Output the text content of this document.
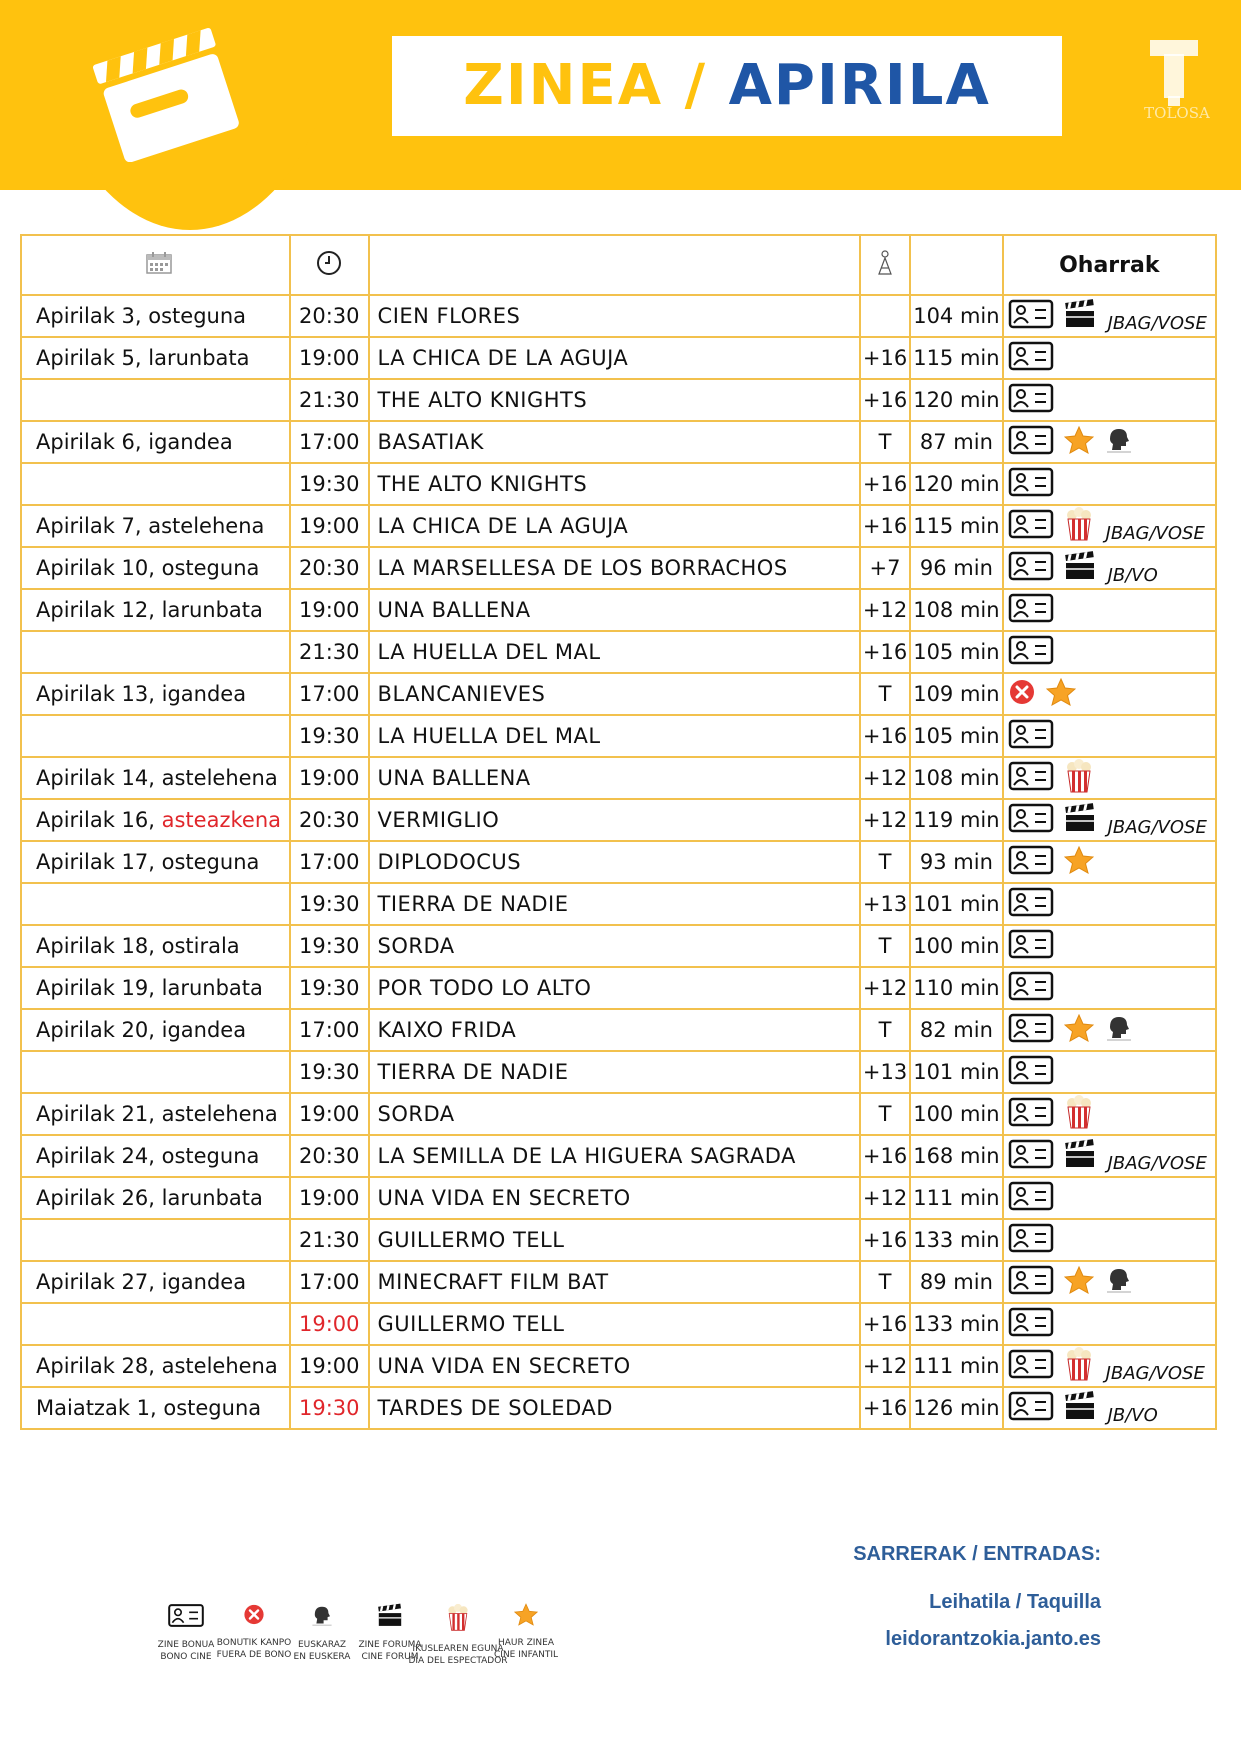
ZINEA / APIRILA	TOLOSA

Oharrak

Apirilak 3, osteguna	20:30	CIEN FLORES		104 min	JBAG/VOSE

Apirilak 5, larunbata	19:00	LA CHICA DE LA AGUJA	+16	115 min	

	21:30	THE ALTO KNIGHTS	+16	120 min	

Apirilak 6, igandea	17:00	BASATIAK	T	87 min	

	19:30	THE ALTO KNIGHTS	+16	120 min	

Apirilak 7, astelehena	19:00	LA CHICA DE LA AGUJA	+16	115 min	JBAG/VOSE

Apirilak 10, osteguna	20:30	LA MARSELLESA DE LOS BORRACHOS	+7	96 min	JB/VO

Apirilak 12, larunbata	19:00	UNA BALLENA	+12	108 min	

	21:30	LA HUELLA DEL MAL	+16	105 min	

Apirilak 13, igandea	17:00	BLANCANIEVES	T	109 min	

	19:30	LA HUELLA DEL MAL	+16	105 min	

Apirilak 14, astelehena	19:00	UNA BALLENA	+12	108 min	

Apirilak 16, asteazkena	20:30	VERMIGLIO	+12	119 min	JBAG/VOSE

Apirilak 17, osteguna	17:00	DIPLODOCUS	T	93 min	

	19:30	TIERRA DE NADIE	+13	101 min	

Apirilak 18, ostirala	19:30	SORDA	T	100 min	

Apirilak 19, larunbata	19:30	POR TODO LO ALTO	+12	110 min	

Apirilak 20, igandea	17:00	KAIXO FRIDA	T	82 min	

	19:30	TIERRA DE NADIE	+13	101 min	

Apirilak 21, astelehena	19:00	SORDA	T	100 min	

Apirilak 24, osteguna	20:30	LA SEMILLA DE LA HIGUERA SAGRADA	+16	168 min	JBAG/VOSE

Apirilak 26, larunbata	19:00	UNA VIDA EN SECRETO	+12	111 min	

	21:30	GUILLERMO TELL	+16	133 min	

Apirilak 27, igandea	17:00	MINECRAFT FILM BAT	T	89 min	

	19:00	GUILLERMO TELL	+16	133 min	

Apirilak 28, astelehena	19:00	UNA VIDA EN SECRETO	+12	111 min	JBAG/VOSE

Maiatzak 1, osteguna	19:30	TARDES DE SOLEDAD	+16	126 min	JB/VO
ZINE BONUA
BONO CINE
BONUTIK KANPO
FUERA DE BONO
EUSKARAZ
EN EUSKERA
ZINE FORUMA
CINE FORUM
IKUSLEAREN EGUNA
DÍA DEL ESPECTADOR
HAUR ZINEA
CINE INFANTIL
SARRERAK / ENTRADAS:
Leihatila / Taquilla
leidorantzokia.janto.es
